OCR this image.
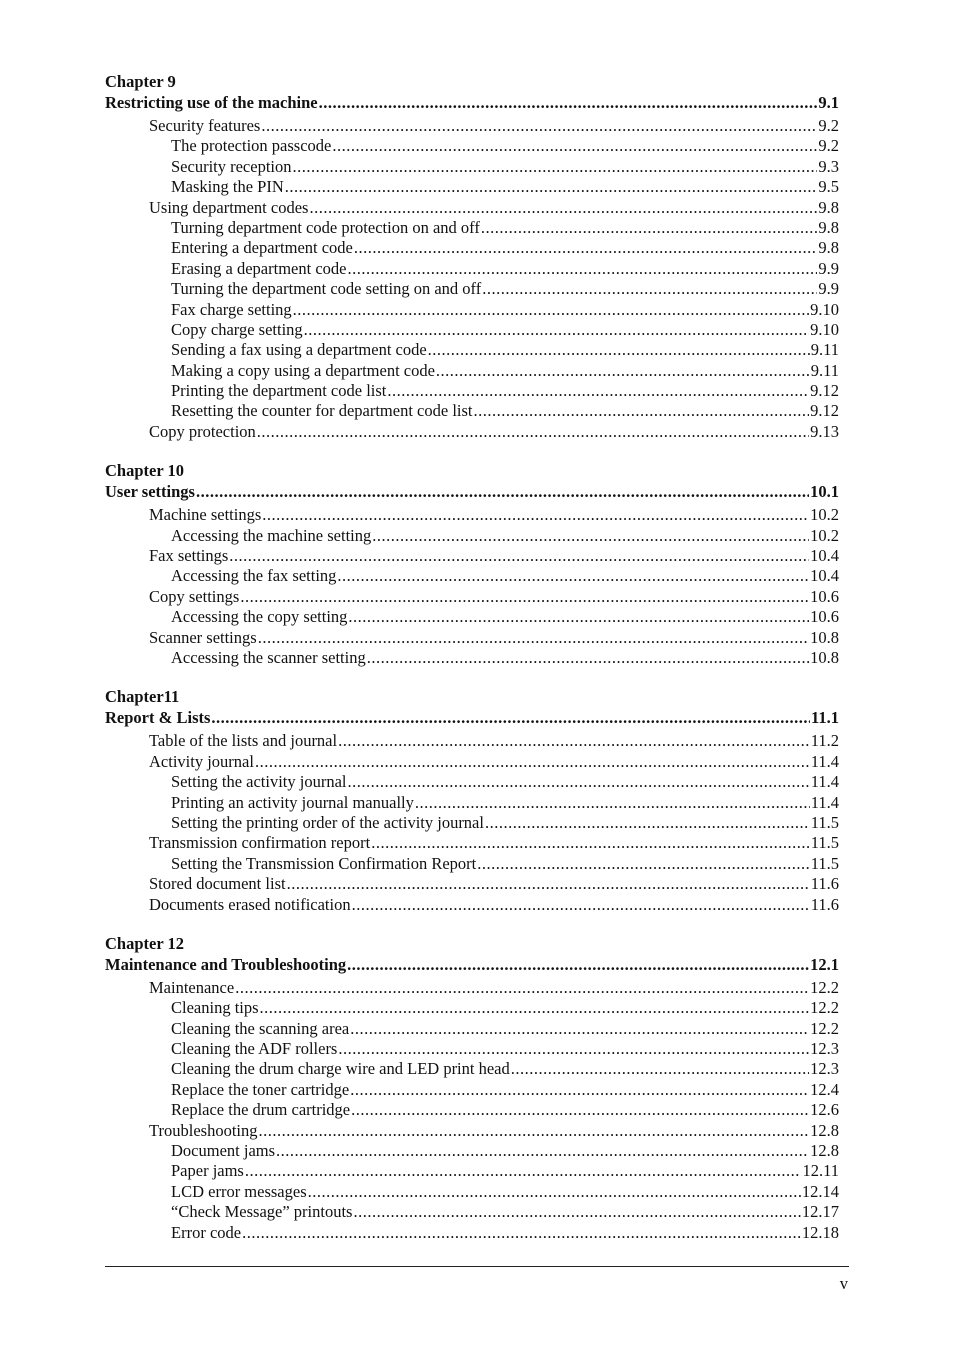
Chapter 9
Restricting use of the machine .....	9.1
Security features .....	9.2
The protection passcode .....	9.2
Security reception .....	9.3
Masking the PIN .....	9.5
Using department codes .....	9.8
Turning department code protection on and off .....	9.8
Entering a department code .....	9.8
Erasing a department code .....	9.9
Turning the department code setting on and off .....	9.9
Fax charge setting .....	9.10
Copy charge setting .....	9.10
Sending a fax using a department code .....	9.11
Making a copy using a department code .....	9.11
Printing the department code list .....	9.12
Resetting the counter for department code list .....	9.12
Copy protection .....	9.13
Chapter 10
User settings .....	10.1
Machine settings .....	10.2
Accessing the machine setting .....	10.2
Fax settings .....	10.4
Accessing the fax setting .....	10.4
Copy settings .....	10.6
Accessing the copy setting .....	10.6
Scanner settings .....	10.8
Accessing the scanner setting .....	10.8
Chapter11
Report & Lists .....	11.1
Table of the lists and journal .....	11.2
Activity journal .....	11.4
Setting the activity journal .....	11.4
Printing an activity journal manually .....	11.4
Setting the printing order of the activity journal .....	11.5
Transmission confirmation report .....	11.5
Setting the Transmission Confirmation Report .....	11.5
Stored document list .....	11.6
Documents erased notification .....	11.6
Chapter 12
Maintenance and Troubleshooting .....	12.1
Maintenance .....	12.2
Cleaning tips .....	12.2
Cleaning the scanning area .....	12.2
Cleaning the ADF rollers .....	12.3
Cleaning the drum charge wire and LED print head .....	12.3
Replace the toner cartridge .....	12.4
Replace the drum cartridge .....	12.6
Troubleshooting .....	12.8
Document jams .....	12.8
Paper jams .....	12.11
LCD error messages .....	12.14
“Check Message” printouts .....	12.17
Error code .....	12.18
v
